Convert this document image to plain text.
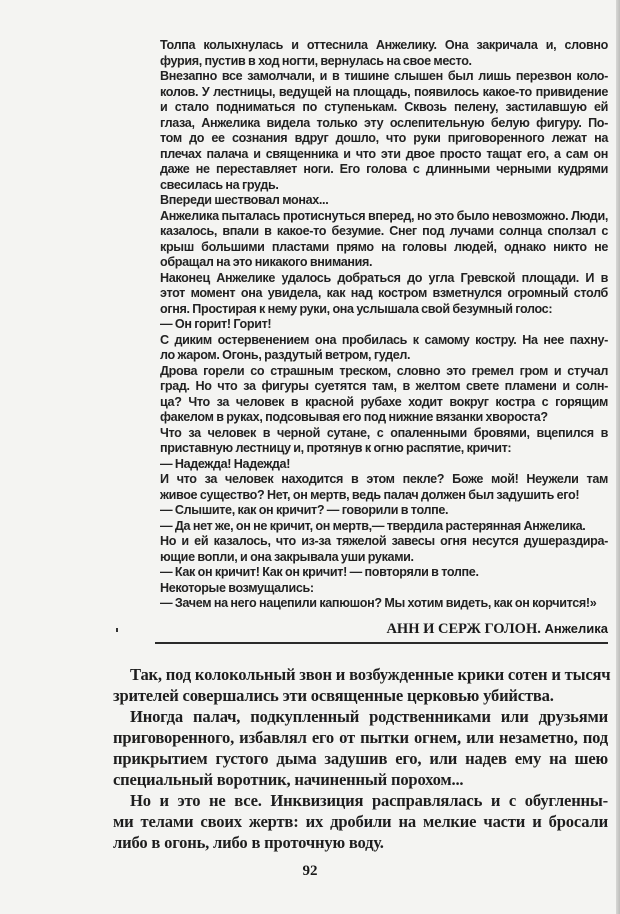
Толпа колыхнулась и оттеснила Анжелику. Она закричала и, словно
фурия, пустив в ход ногти, вернулась на свое место.
Внезапно все замолчали, и в тишине слышен был лишь перезвон коло-
колов. У лестницы, ведущей на площадь, появилось какое-то привидение
и стало подниматься по ступенькам. Сквозь пелену, застилавшую ей
глаза, Анжелика видела только эту ослепительную белую фигуру. По-
том до ее сознания вдруг дошло, что руки приговоренного лежат на
плечах палача и священника и что эти двое просто тащат его, а сам он
даже не переставляет ноги. Его голова с длинными черными кудрями
свесилась на грудь.
Впереди шествовал монах...
Анжелика пыталась протиснуться вперед, но это было невозможно. Люди,
казалось, впали в какое-то безумие. Снег под лучами солнца сползал с
крыш большими пластами прямо на головы людей, однако никто не
обращал на это никакого внимания.
Наконец Анжелике удалось добраться до угла Гревской площади. И в
этот момент она увидела, как над костром взметнулся огромный столб
огня. Простирая к нему руки, она услышала свой безумный голос:
— Он горит! Горит!
С диким остервенением она пробилась к самому костру. На нее пахну-
ло жаром. Огонь, раздутый ветром, гудел.
Дрова горели со страшным треском, словно это гремел гром и стучал
град. Но что за фигуры суетятся там, в желтом свете пламени и солн-
ца? Что за человек в красной рубахе ходит вокруг костра с горящим
факелом в руках, подсовывая его под нижние вязанки хвороста?
Что за человек в черной сутане, с опаленными бровями, вцепился в
приставную лестницу и, протянув к огню распятие, кричит:
— Надежда! Надежда!
И что за человек находится в этом пекле? Боже мой! Неужели там
живое существо? Нет, он мертв, ведь палач должен был задушить его!
— Слышите, как он кричит? — говорили в толпе.
— Да нет же, он не кричит, он мертв,— твердила растерянная Анжелика.
Но и ей казалось, что из-за тяжелой завесы огня несутся душераздира-
ющие вопли, и она закрывала уши руками.
— Как он кричит! Как он кричит! — повторяли в толпе.
Некоторые возмущались:
— Зачем на него нацепили капюшон? Мы хотим видеть, как он корчится!»
АНН И СЕРЖ ГОЛОН. Анжелика
Так, под колокольный звон и возбужденные крики сотен и тысяч
зрителей совершались эти освященные церковью убийства.
Иногда палач, подкупленный родственниками или друзьями
приговоренного, избавлял его от пытки огнем, или незаметно, под
прикрытием густого дыма задушив его, или надев ему на шею
специальный воротник, начиненный порохом...
Но и это не все. Инквизиция расправлялась и с обугленны-
ми телами своих жертв: их дробили на мелкие части и бросали
либо в огонь, либо в проточную воду.
92
